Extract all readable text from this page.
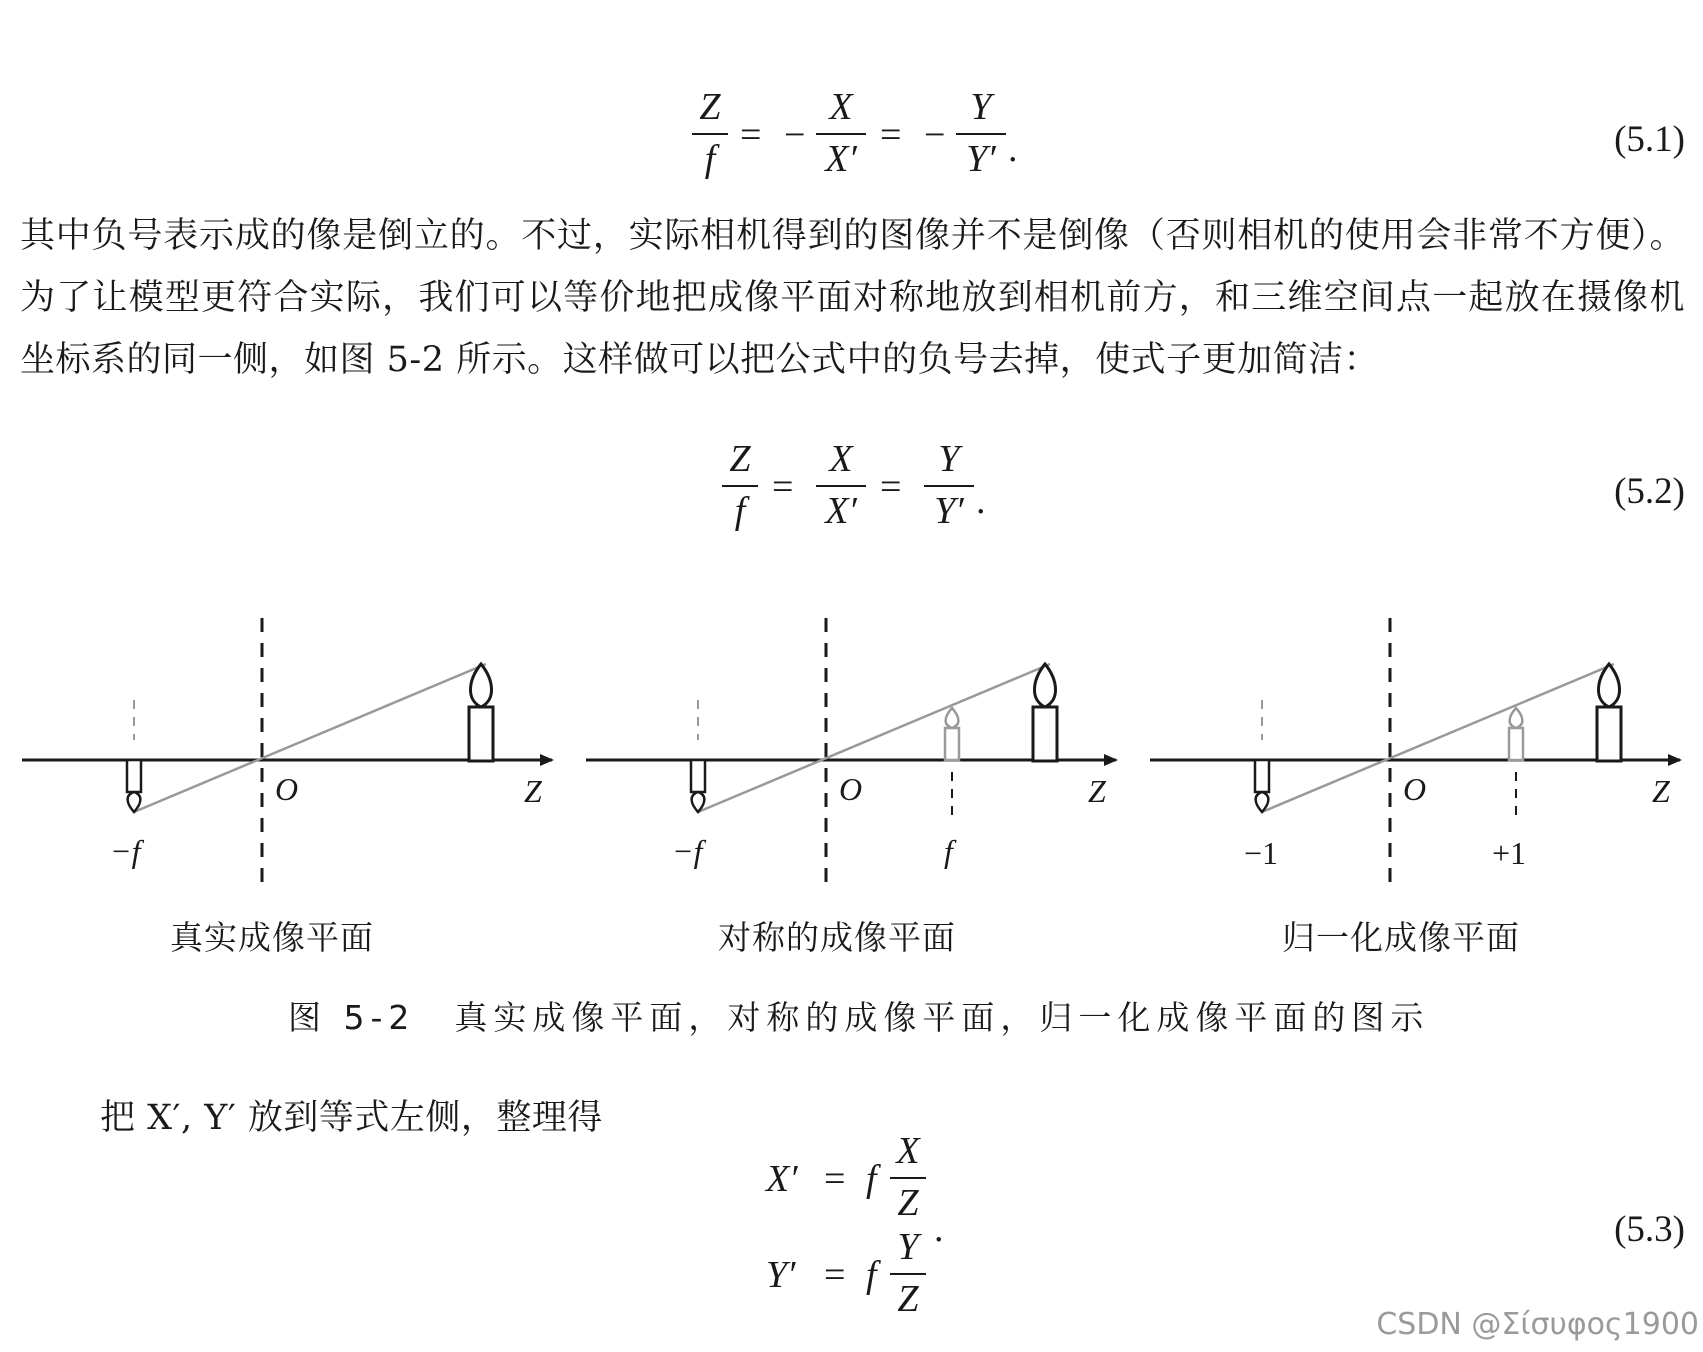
Z
f
= −
X
X′
= −
Y
Y′ .	(5.1)
其中负号表示成的像是倒立的。不过，实际相机得到的图像并不是倒像（否则相机的使用会非常不方便）。为了让模型更符合实际，我们可以等价地把成像平面对称地放到相机前方，和三维空间点一起放在摄像机坐标系的同一侧，如图 5-2 所示。这样做可以把公式中的负号去掉，使式子更加简洁：
Z
f
=
X
X′
=
Y
Y′ .	(5.2)
O	Z
−f
O	Z
−f	f
O	Z
−1	+1
真实成像平面	对称的成像平面	归一化成像平面
图 5-2　真实成像平面，对称的成像平面，归一化成像平面的图示
把 X′, Y′ 放到等式左侧，整理得
X′ = f
X
Z
.
Y′ = f
Y
Z
(5.3)
CSDN @Σίσυφος1900
